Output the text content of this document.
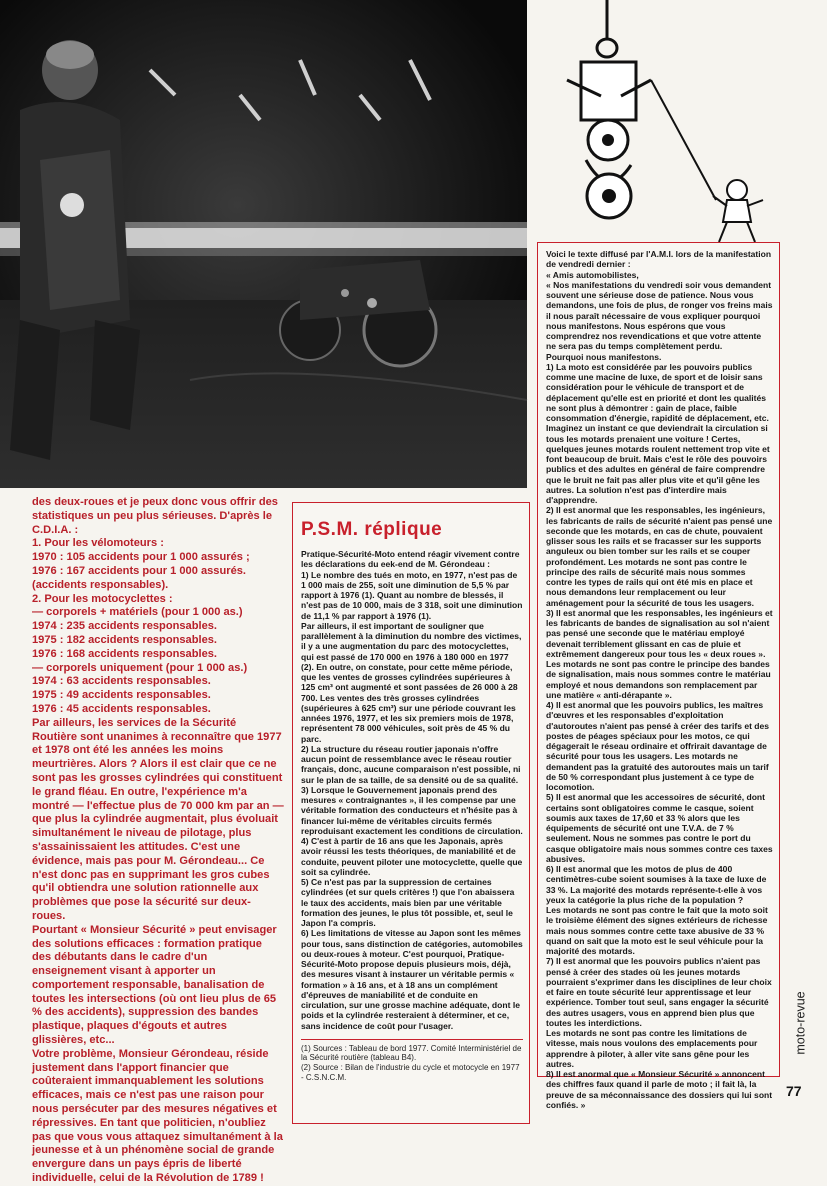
des deux-roues et je peux donc vous offrir des statistiques un peu plus sérieuses. D'après le C.D.I.A. :

1. Pour les vélomoteurs :

1970 : 105 accidents pour 1 000 assurés ;

1976 : 167 accidents pour 1 000 assurés. (accidents responsables).

2. Pour les motocyclettes :

— corporels + matériels (pour 1 000 as.)

1974 : 235 accidents responsables.

1975 : 182 accidents responsables.

1976 : 168 accidents responsables.

— corporels uniquement (pour 1 000 as.)

1974 : 63 accidents responsables.

1975 : 49 accidents responsables.

1976 : 45 accidents responsables.

Par ailleurs, les services de la Sécurité Routière sont unanimes à reconnaître que 1977 et 1978 ont été les années les moins meurtrières. Alors ? Alors il est clair que ce ne sont pas les grosses cylindrées qui constituent le grand fléau. En outre, l'expérience m'a montré — l'effectue plus de 70 000 km par an — que plus la cylindrée augmentait, plus évoluait simultanément le niveau de pilotage, plus s'assainissaient les attitudes. C'est une évidence, mais pas pour M. Gérondeau... Ce n'est donc pas en supprimant les gros cubes qu'il obtiendra une solution rationnelle aux problèmes que pose la sécurité sur deux-roues.

Pourtant « Monsieur Sécurité » peut envisager des solutions efficaces : formation pratique des débutants dans le cadre d'un enseignement visant à apporter un comportement responsable, banalisation de toutes les intersections (où ont lieu plus de 65 % des accidents), suppression des bandes plastique, plaques d'égouts et autres glissières, etc...

Votre problème, Monsieur Gérondeau, réside justement dans l'apport financier que coûteraient immanquablement les solutions efficaces, mais ce n'est pas une raison pour nous persécuter par des mesures négatives et répressives. En tant que politicien, n'oubliez pas que vous vous attaquez simultanément à la jeunesse et à un phénomène social de grande envergure dans un pays épris de liberté individuelle, celui de la Révolution de 1789 !

P.S.M. réplique

Pratique-Sécurité-Moto entend réagir vivement contre les déclarations du eek-end de M. Gérondeau :

1) Le nombre des tués en moto, en 1977, n'est pas de 1 000 mais de 255, soit une diminution de 5,5 % par rapport à 1976 (1). Quant au nombre de blessés, il n'est pas de 10 000, mais de 3 318, soit une diminution de 11,1 % par rapport à 1976 (1).

Par ailleurs, il est important de souligner que parallèlement à la diminution du nombre des victimes, il y a une augmentation du parc des motocyclettes, qui est passé de 170 000 en 1976 à 180 000 en 1977 (2). En outre, on constate, pour cette même période, que les ventes de grosses cylindrées supérieures à 125 cm³ ont augmenté et sont passées de 26 000 à 28 700. Les ventes des très grosses cylindrées (supérieures à 625 cm³) sur une période couvrant les années 1976, 1977, et les six premiers mois de 1978, représentent 78 000 véhicules, soit près de 45 % du parc.

2) La structure du réseau routier japonais n'offre aucun point de ressemblance avec le réseau routier français, donc, aucune comparaison n'est possible, ni sur le plan de sa taille, de sa densité ou de sa qualité.

3) Lorsque le Gouvernement japonais prend des mesures « contraignantes », il les compense par une véritable formation des conducteurs et n'hésite pas à financer lui-même de véritables circuits fermés reproduisant exactement les conditions de circulation.

4) C'est à partir de 16 ans que les Japonais, après avoir réussi les tests théoriques, de maniabilité et de conduite, peuvent piloter une motocyclette, quelle que soit sa cylindrée.

5) Ce n'est pas par la suppression de certaines cylindrées (et sur quels critères !) que l'on abaissera le taux des accidents, mais bien par une véritable formation des jeunes, le plus tôt possible, et, seul le Japon l'a compris.

6) Les limitations de vitesse au Japon sont les mêmes pour tous, sans distinction de catégories, automobiles ou deux-roues à moteur. C'est pourquoi, Pratique-Sécurité-Moto propose depuis plusieurs mois, déjà, des mesures visant à instaurer un véritable permis « formation » à 16 ans, et à 18 ans un complément d'épreuves de maniabilité et de conduite en circulation, sur une grosse machine adéquate, dont le poids et la cylindrée resteraient à déterminer, et ce, sans incidence de coût pour l'usager.

(1) Sources : Tableau de bord 1977. Comité Interministériel de la Sécurité routière (tableau B4).

(2) Source : Bilan de l'industrie du cycle et motocycle en 1977 - C.S.N.C.M.

Voici le texte diffusé par l'A.M.I. lors de la manifestation de vendredi dernier :

« Amis automobilistes,

« Nos manifestations du vendredi soir vous demandent souvent une sérieuse dose de patience. Nous vous demandons, une fois de plus, de ronger vos freins mais il nous paraît nécessaire de vous expliquer pourquoi nous manifestons. Nous espérons que vous comprendrez nos revendications et que votre attente ne sera pas du temps complètement perdu.

Pourquoi nous manifestons.

1) La moto est considérée par les pouvoirs publics comme une macine de luxe, de sport et de loisir sans considération pour le véhicule de transport et de déplacement qu'elle est en priorité et dont les qualités ne sont plus à démontrer : gain de place, faible consommation d'énergie, rapidité de déplacement, etc. Imaginez un instant ce que deviendrait la circulation si tous les motards prenaient une voiture ! Certes, quelques jeunes motards roulent nettement trop vite et font beaucoup de bruit. Mais c'est le rôle des pouvoirs publics et des adultes en général de faire comprendre que le bruit ne fait pas aller plus vite et qu'il gêne les autres. La solution n'est pas d'interdire mais d'apprendre.

2) Il est anormal que les responsables, les ingénieurs, les fabricants de rails de sécurité n'aient pas pensé une seconde que les motards, en cas de chute, pouvaient glisser sous les rails et se fracasser sur les supports anguleux ou bien tomber sur les rails et se couper profondément. Les motards ne sont pas contre le principe des rails de sécurité mais nous sommes contre les types de rails qui ont été mis en place et nous demandons leur remplacement ou leur aménagement pour la sécurité de tous les usagers.

3) Il est anormal que les responsables, les ingénieurs et les fabricants de bandes de signalisation au sol n'aient pas pensé une seconde que le matériau employé devenait terriblement glissant en cas de pluie et extrêmement dangereux pour tous les « deux roues ». Les motards ne sont pas contre le principe des bandes de signalisation, mais nous sommes contre le matériau employé et nous demandons son remplacement par une matière « anti-dérapante ».

4) Il est anormal que les pouvoirs publics, les maîtres d'œuvres et les responsables d'exploitation d'autoroutes n'aient pas pensé à créer des tarifs et des postes de péages spéciaux pour les motos, ce qui dégagerait le réseau ordinaire et offrirait davantage de sécurité pour tous les usagers. Les motards ne demandent pas la gratuité des autoroutes mais un tarif de 50 % correspondant plus justement à ce type de locomotion.

5) Il est anormal que les accessoires de sécurité, dont certains sont obligatoires comme le casque, soient soumis aux taxes de 17,60 et 33 % alors que les équipements de sécurité ont une T.V.A. de 7 % seulement. Nous ne sommes pas contre le port du casque obligatoire mais nous sommes contre ces taxes abusives.

6) Il est anormal que les motos de plus de 400 centimètres-cube soient soumises à la taxe de luxe de 33 %. La majorité des motards représente-t-elle à vos yeux la catégorie la plus riche de la population ?

Les motards ne sont pas contre le fait que la moto soit le troisième élément des signes extérieurs de richesse mais nous sommes contre cette taxe abusive de 33 % quand on sait que la moto est le seul véhicule pour la majorité des motards.

7) Il est anormal que les pouvoirs publics n'aient pas pensé à créer des stades où les jeunes motards pourraient s'exprimer dans les disciplines de leur choix et faire en toute sécurité leur apprentissage et leur expérience. Tomber tout seul, sans engager la sécurité des autres usagers, vous en apprend bien plus que toutes les interdictions.

Les motards ne sont pas contre les limitations de vitesse, mais nous voulons des emplacements pour apprendre à piloter, à aller vite sans gêne pour les autres.

8) Il est anormal que « Monsieur Sécurité » annoncent des chiffres faux quand il parle de moto ; il fait là, la preuve de sa méconnaissance des dossiers qui lui sont confiés. »

moto-revue
77
